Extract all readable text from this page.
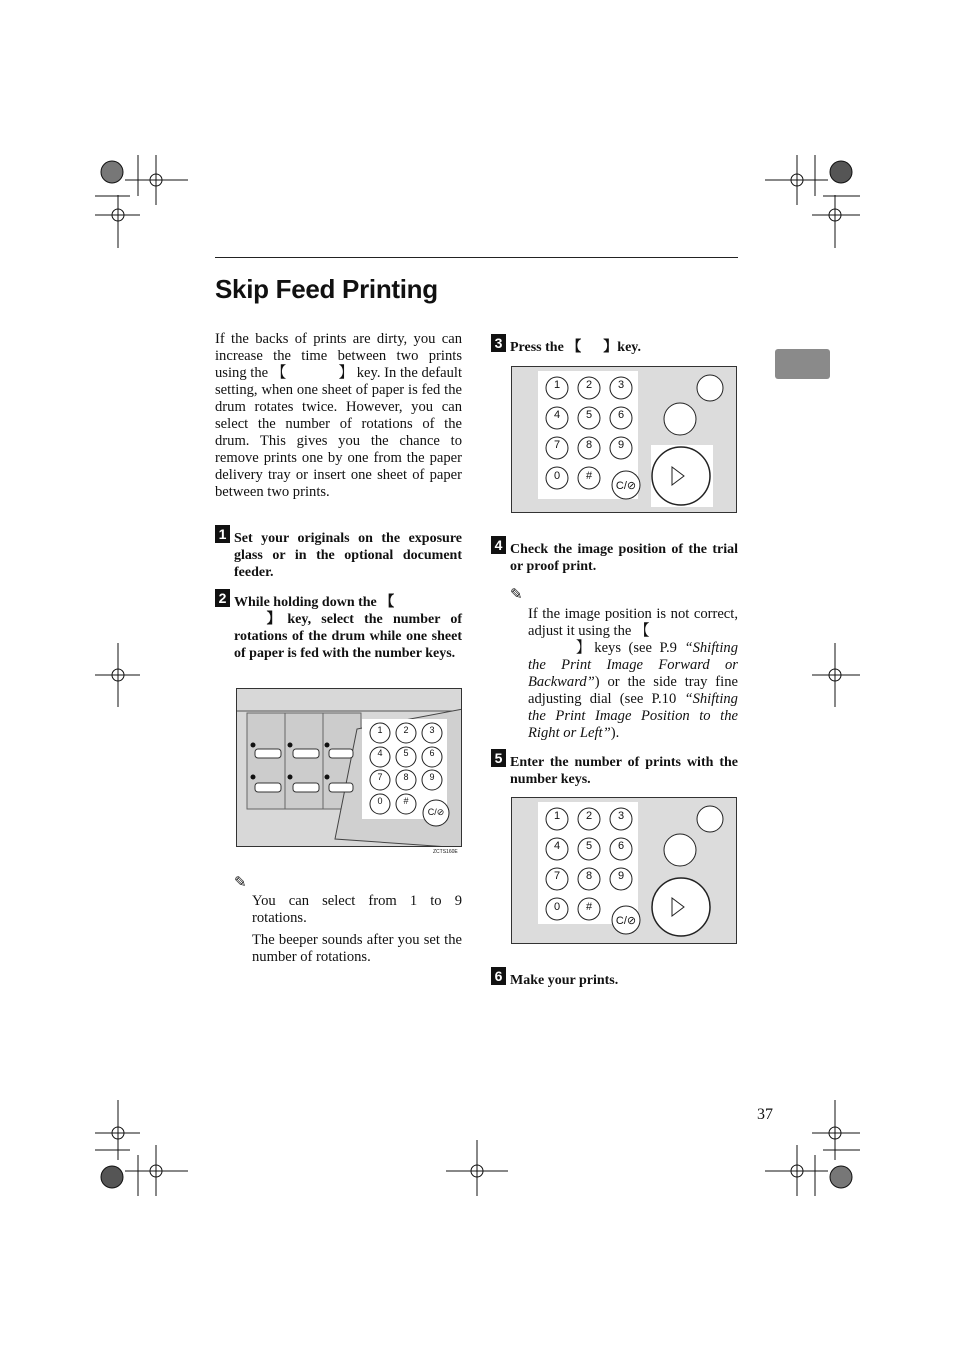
Skip Feed Printing
If the backs of prints are dirty, you can increase the time between two prints using the 【	】 key. In the default setting, when one sheet of paper is fed the drum rotates twice. However, you can select the number of rotations of the drum. This gives you the chance to remove prints one by one from the paper delivery tray or insert one sheet of paper between two prints.
1 Set your originals on the exposure glass or in the optional document feeder.
2 While holding down the 【
】key, select the number of rotations of the drum while one sheet of paper is fed with the number keys.
1 2 3
4 5 6
7 8 9
0 #
C/⊘
ZCTS160E
✎
You can select from 1 to 9 rotations.
The beeper sounds after you set the number of rotations.
3 Press the 【 】key.
1 2 3
4 5 6
7 8 9
0 #
C/⊘
4 Check the image position of the trial or proof print.
✎
If the image position is not correct, adjust it using the 【
】keys (see P.9 “Shifting the Print Image Forward or Backward”) or the side tray fine adjusting dial (see P.10 “Shifting the Print Image Position to the Right or Left”).
5 Enter the number of prints with the number keys.
1 2 3
4 5 6
7 8 9
0 #
C/⊘
6 Make your prints.
37
